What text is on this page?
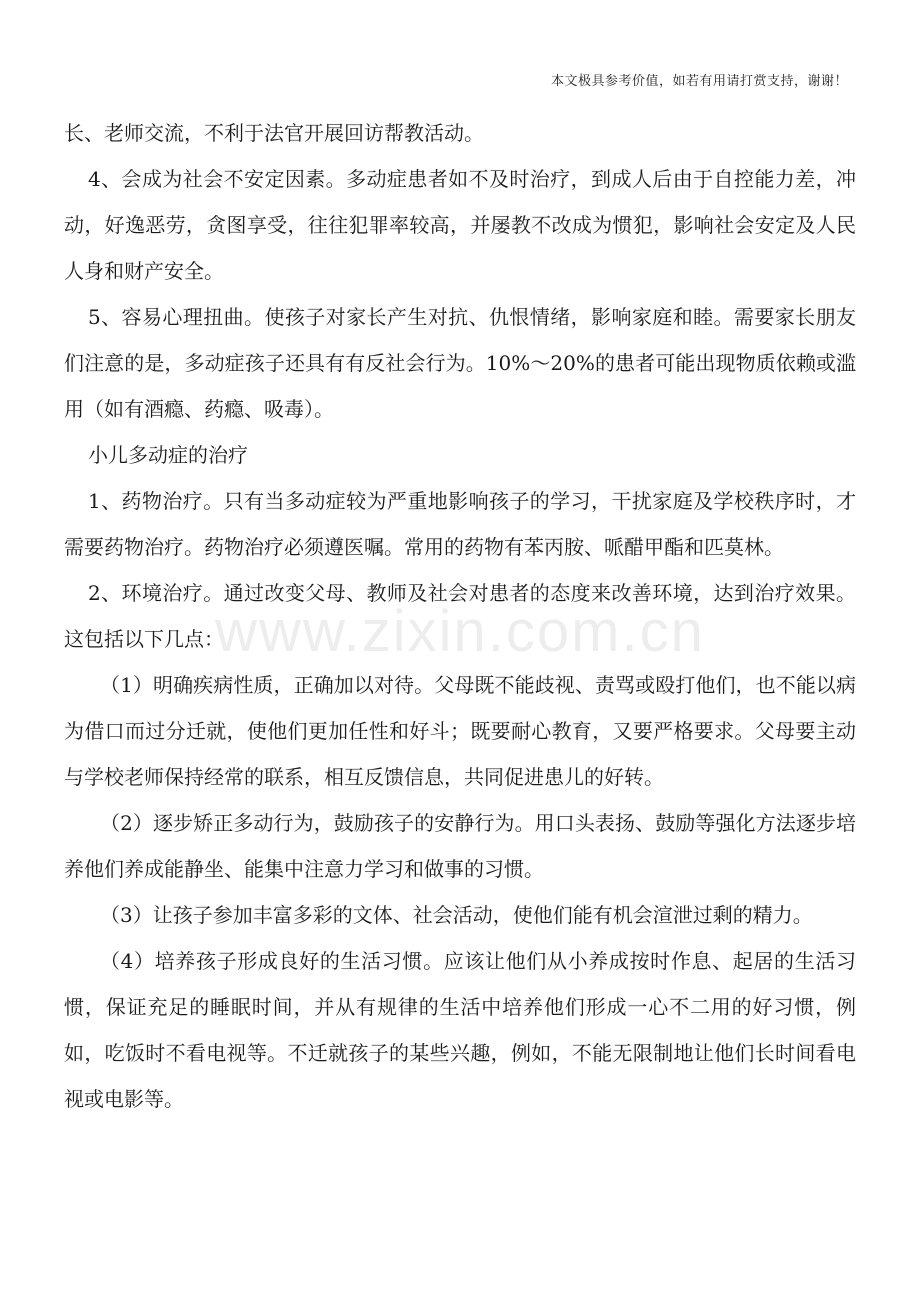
本文极具参考价值，如若有用请打赏支持，谢谢！
www.zixin.com.cn

长、老师交流，不利于法官开展回访帮教活动。

4、会成为社会不安定因素。多动症患者如不及时治疗，到成人后由于自控能力差，冲动，好逸恶劳，贪图享受，往往犯罪率较高，并屡教不改成为惯犯，影响社会安定及人民人身和财产安全。

5、容易心理扭曲。使孩子对家长产生对抗、仇恨情绪，影响家庭和睦。需要家长朋友们注意的是，多动症孩子还具有有反社会行为。10%～20%的患者可能出现物质依赖或滥用（如有酒瘾、药瘾、吸毒）。

小儿多动症的治疗

1、药物治疗。只有当多动症较为严重地影响孩子的学习，干扰家庭及学校秩序时，才需要药物治疗。药物治疗必须遵医嘱。常用的药物有苯丙胺、哌醋甲酯和匹莫林。

2、环境治疗。通过改变父母、教师及社会对患者的态度来改善环境，达到治疗效果。这包括以下几点：

（1）明确疾病性质，正确加以对待。父母既不能歧视、责骂或殴打他们，也不能以病为借口而过分迁就，使他们更加任性和好斗；既要耐心教育，又要严格要求。父母要主动与学校老师保持经常的联系，相互反馈信息，共同促进患儿的好转。

（2）逐步矫正多动行为，鼓励孩子的安静行为。用口头表扬、鼓励等强化方法逐步培养他们养成能静坐、能集中注意力学习和做事的习惯。

（3）让孩子参加丰富多彩的文体、社会活动，使他们能有机会渲泄过剩的精力。

（4）培养孩子形成良好的生活习惯。应该让他们从小养成按时作息、起居的生活习惯，保证充足的睡眠时间，并从有规律的生活中培养他们形成一心不二用的好习惯，例如，吃饭时不看电视等。不迁就孩子的某些兴趣，例如，不能无限制地让他们长时间看电视或电影等。
